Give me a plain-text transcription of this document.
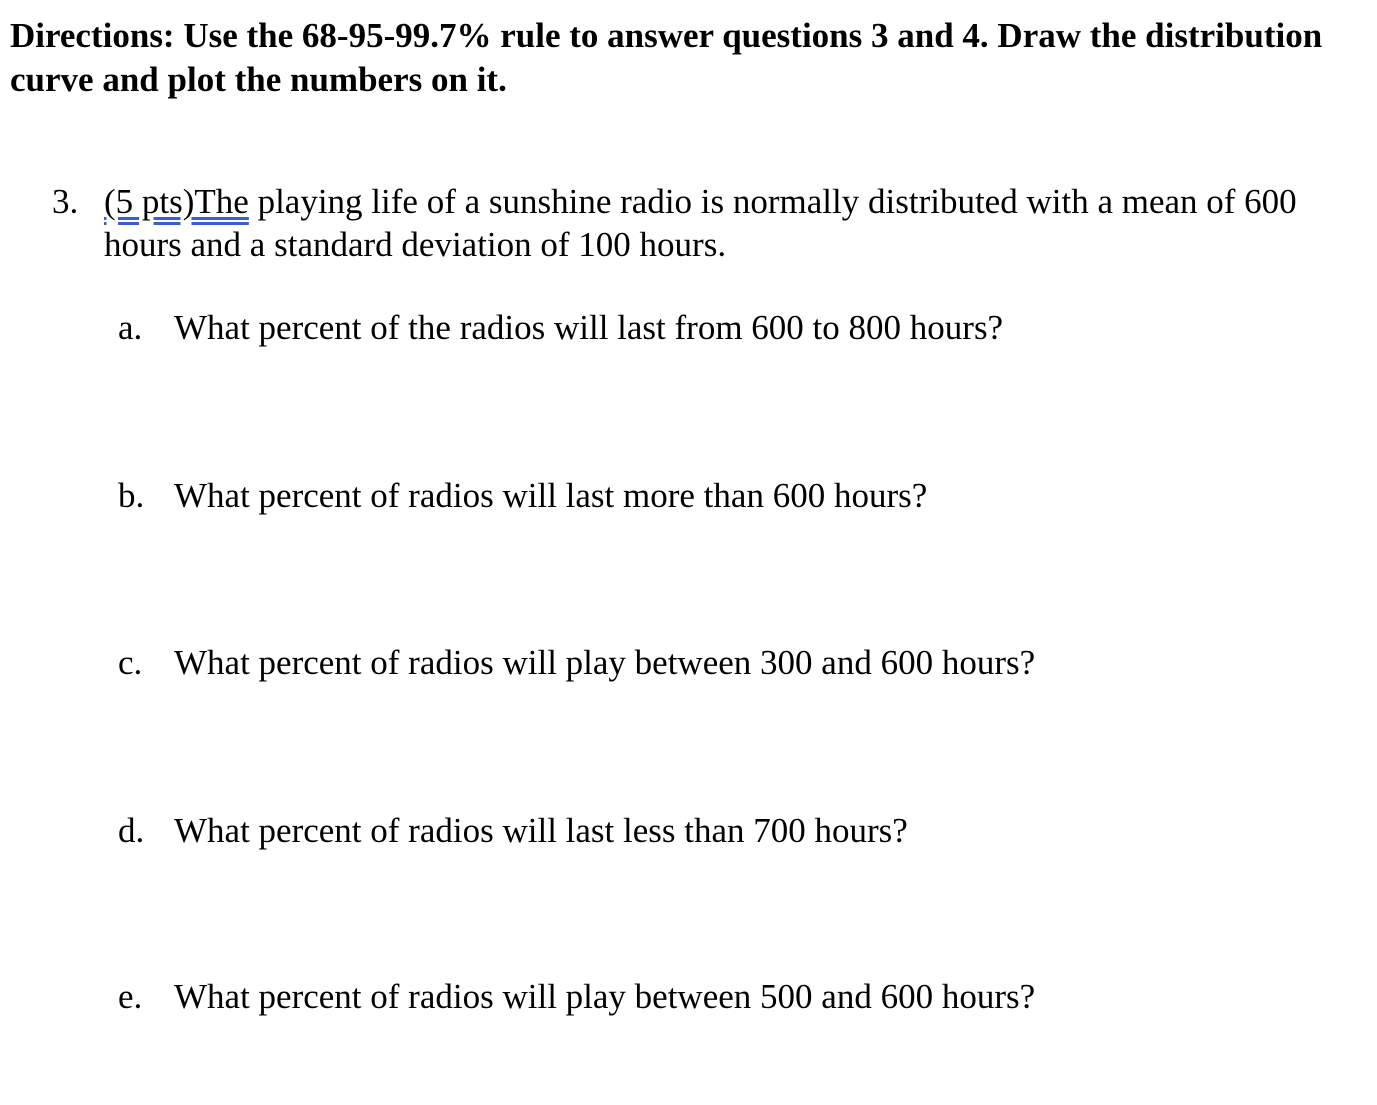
Directions: Use the 68-95-99.7% rule to answer questions 3 and 4. Draw the distribution curve and plot the numbers on it.

3. (5 pts)The playing life of a sunshine radio is normally distributed with a mean of 600 hours and a standard deviation of 100 hours.
a. What percent of the radios will last from 600 to 800 hours?
b. What percent of radios will last more than 600 hours?
c. What percent of radios will play between 300 and 600 hours?
d. What percent of radios will last less than 700 hours?
e. What percent of radios will play between 500 and 600 hours?
